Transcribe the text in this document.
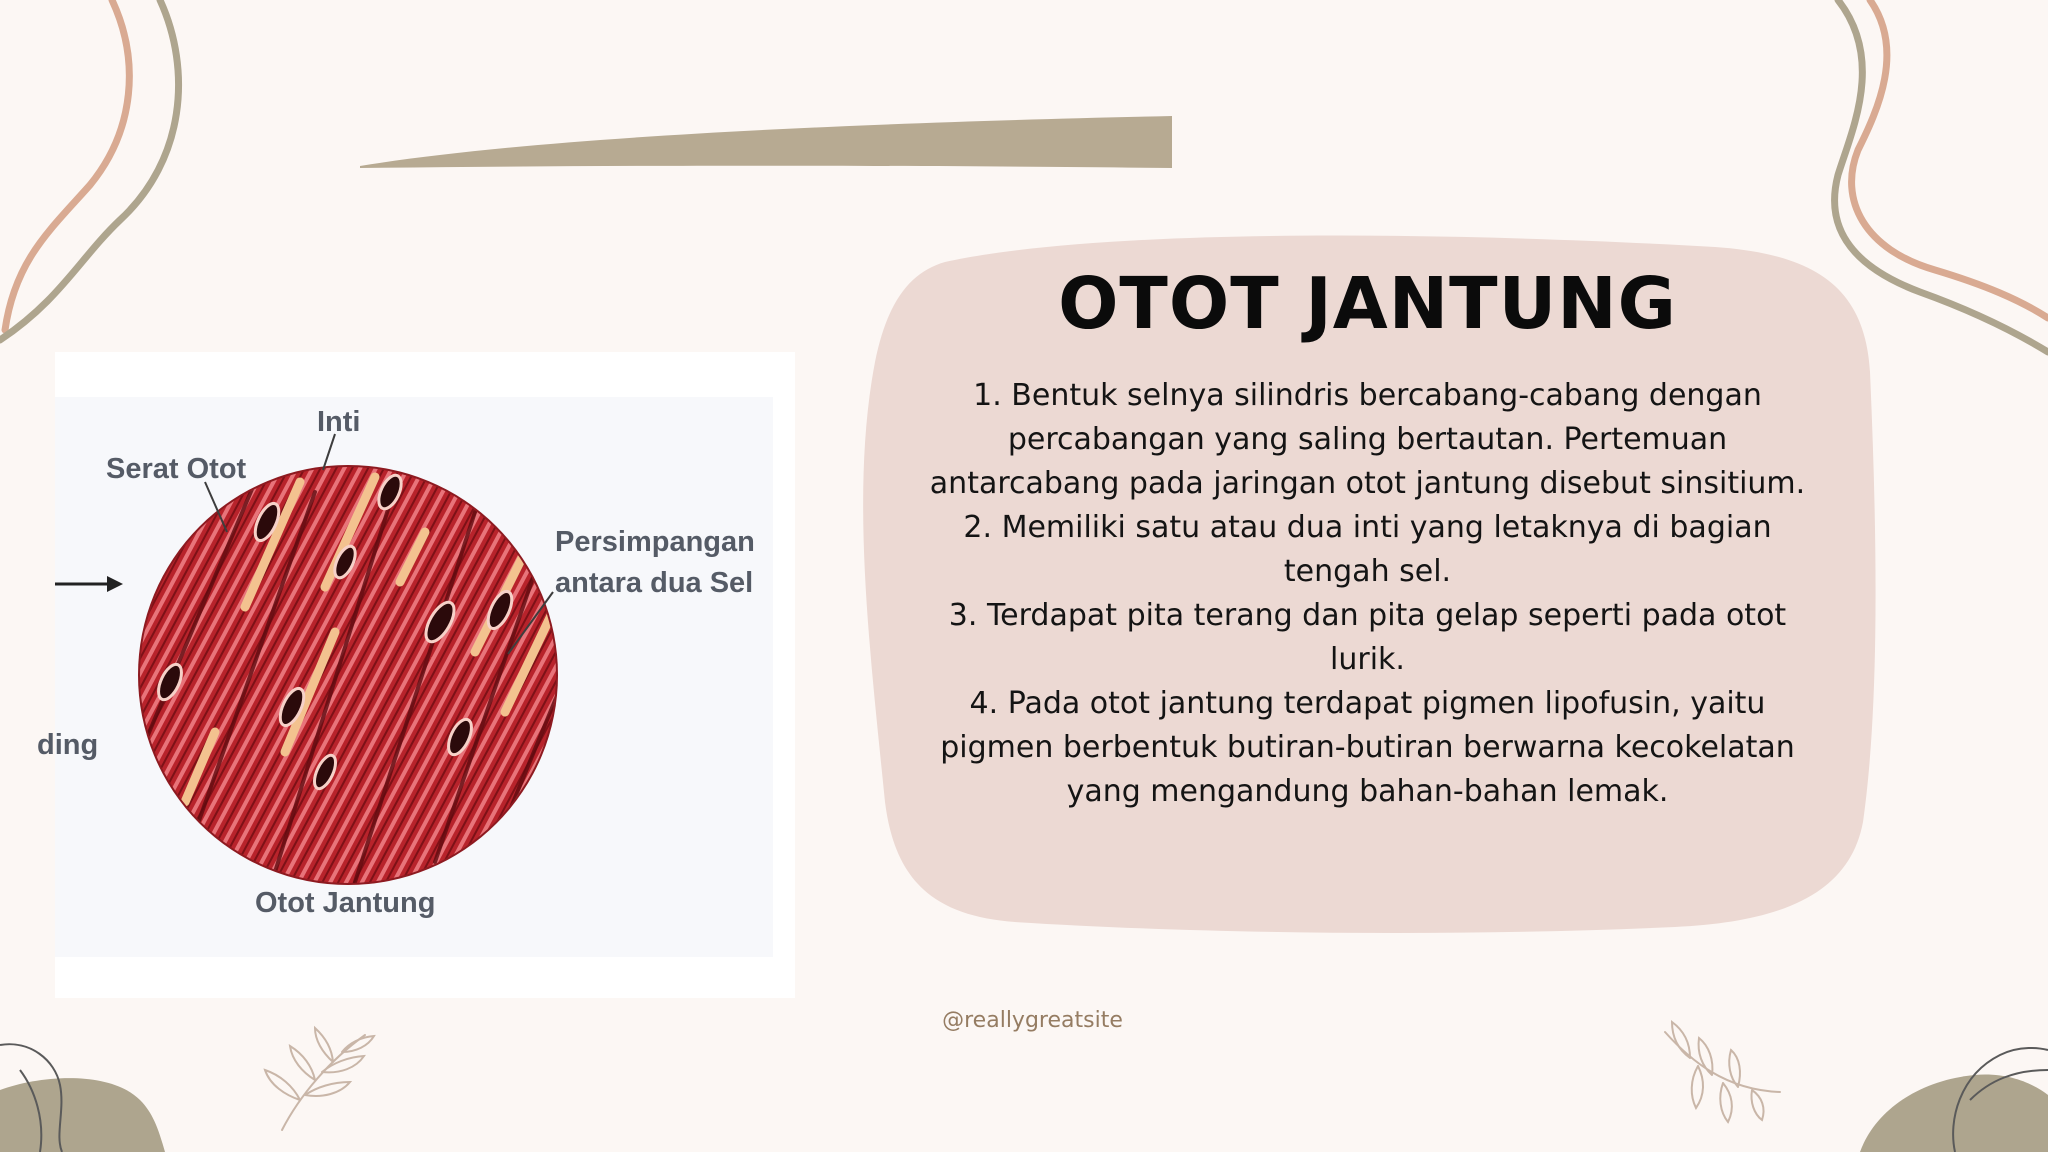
Serat Otot
Inti
Persimpangan
antara dua Sel
ding
Otot Jantung
OTOT JANTUNG
1. Bentuk selnya silindris bercabang-cabang dengan percabangan yang saling bertautan. Pertemuan antarcabang pada jaringan otot jantung disebut sinsitium.
2. Memiliki satu atau dua inti yang letaknya di bagian tengah sel.
3. Terdapat pita terang dan pita gelap seperti pada otot lurik.
4. Pada otot jantung terdapat pigmen lipofusin, yaitu pigmen berbentuk butiran-butiran berwarna kecokelatan yang mengandung bahan-bahan lemak.
@reallygreatsite
